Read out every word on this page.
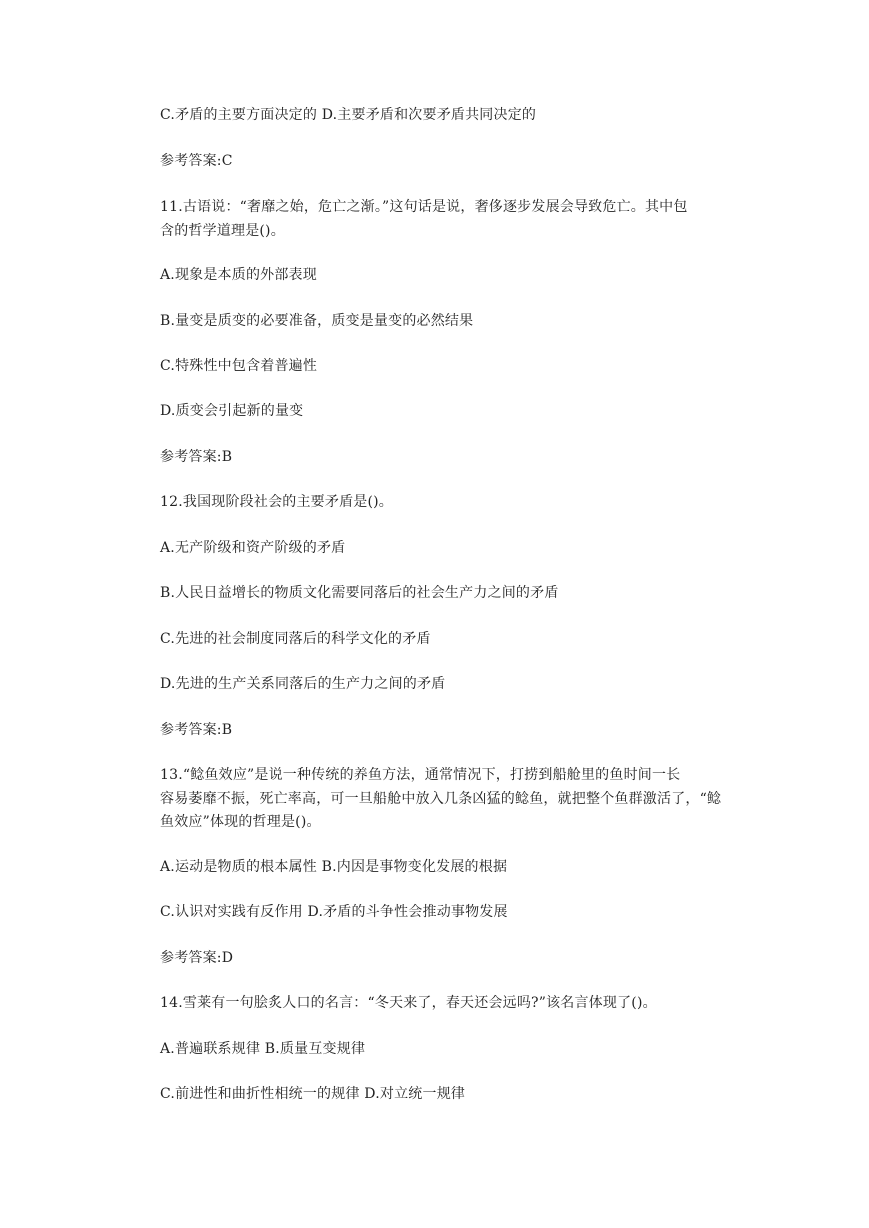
C.矛盾的主要方面决定的 D.主要矛盾和次要矛盾共同决定的
参考答案:C
11.古语说：“奢靡之始，危亡之渐。”这句话是说，奢侈逐步发展会导致危亡。其中包
含的哲学道理是()。
A.现象是本质的外部表现
B.量变是质变的必要准备，质变是量变的必然结果
C.特殊性中包含着普遍性
D.质变会引起新的量变
参考答案:B
12.我国现阶段社会的主要矛盾是()。
A.无产阶级和资产阶级的矛盾
B.人民日益增长的物质文化需要同落后的社会生产力之间的矛盾
C.先进的社会制度同落后的科学文化的矛盾
D.先进的生产关系同落后的生产力之间的矛盾
参考答案:B
13.“鲶鱼效应”是说一种传统的养鱼方法，通常情况下，打捞到船舱里的鱼时间一长
容易萎靡不振，死亡率高，可一旦船舱中放入几条凶猛的鲶鱼，就把整个鱼群激活了，“鲶
鱼效应”体现的哲理是()。
A.运动是物质的根本属性 B.内因是事物变化发展的根据
C.认识对实践有反作用 D.矛盾的斗争性会推动事物发展
参考答案:D
14.雪莱有一句脍炙人口的名言：“冬天来了，春天还会远吗?”该名言体现了()。
A.普遍联系规律 B.质量互变规律
C.前进性和曲折性相统一的规律 D.对立统一规律
